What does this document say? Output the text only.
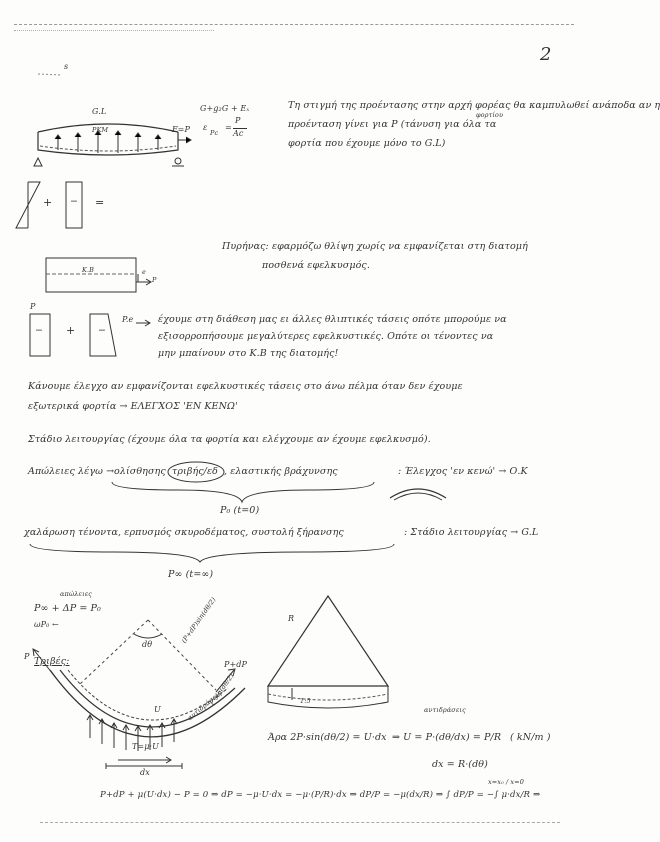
s
2
G.L
PKM	F=P
G+g₂G + Eₓ
ε
Pc
=
P
Ac
Τη στιγμή της προέντασης στην αρχή φορέας θα καμπυλωθεί ανάποδα αν η
προένταση γίνει για P (τάνυση για όλα τα
φορτία που έχουμε μόνο το G.L)
φορτίου
+ − =
Κ.Β	e
P
Πυρήνας: εφαρμόζω θλίψη χωρίς να εμφανίζεται στη διατομή
ποσθενά εφελκυσμός.
P
− + −
P.e	έχουμε στη διάθεση μας ει άλλες θλιπτικές τάσεις οπότε μπορούμε να
εξισορροπήσουμε μεγαλύτερες εφελκυστικές. Οπότε οι τένοντες να
μην μπαίνουν στο Κ.Β της διατομής!
Κάνουμε έλεγχο αν εμφανίζονται εφελκυστικές τάσεις στο άνω πέλμα όταν δεν έχουμε
εξωτερικά φορτία → ΕΛΕΓΧΟΣ 'ΕΝ ΚΕΝΩ'
Στάδιο λειτουργίας (έχουμε όλα τα φορτία και ελέγχουμε αν έχουμε εφελκυσμό).
Απώλειες λέγω → ολίσθησης τριβής/εδ , ελαστικής βράχυνσης	: Έλεγχος 'εν κενώ' → Ο.Κ
P₀ (t=0)
χαλάρωση τένοντα, ερπυσμός σκυροδέματος, συστολή ξήρανσης	: Στάδιο λειτουργίας → G.L
P∞ (t=∞)
απώλειες
P∞ + ΔP = P₀
ωP₀ ←
Τριβές:
P
dθ
P+dP
(P+dP)sin(dθ/2)
P·sin(dθ/2)
αντιδράσεις
U
T=μ·U
dx
R
1:5
αντιδράσεις
Άρα 2P·sin(dθ/2) = U·dx ⇒ U = P·(dθ/dx) = P/R ( kN/m )
dx = R·(dθ)
P+dP + μ(U·dx) − P = 0 ⇒ dP = −μ·U·dx = −μ·(P/R)·dx ⇒ dP/P = −μ(dx/R) ⇒ ∫ dP/P = −∫ μ·dx/R ⇒
x=x₀ / x=0
